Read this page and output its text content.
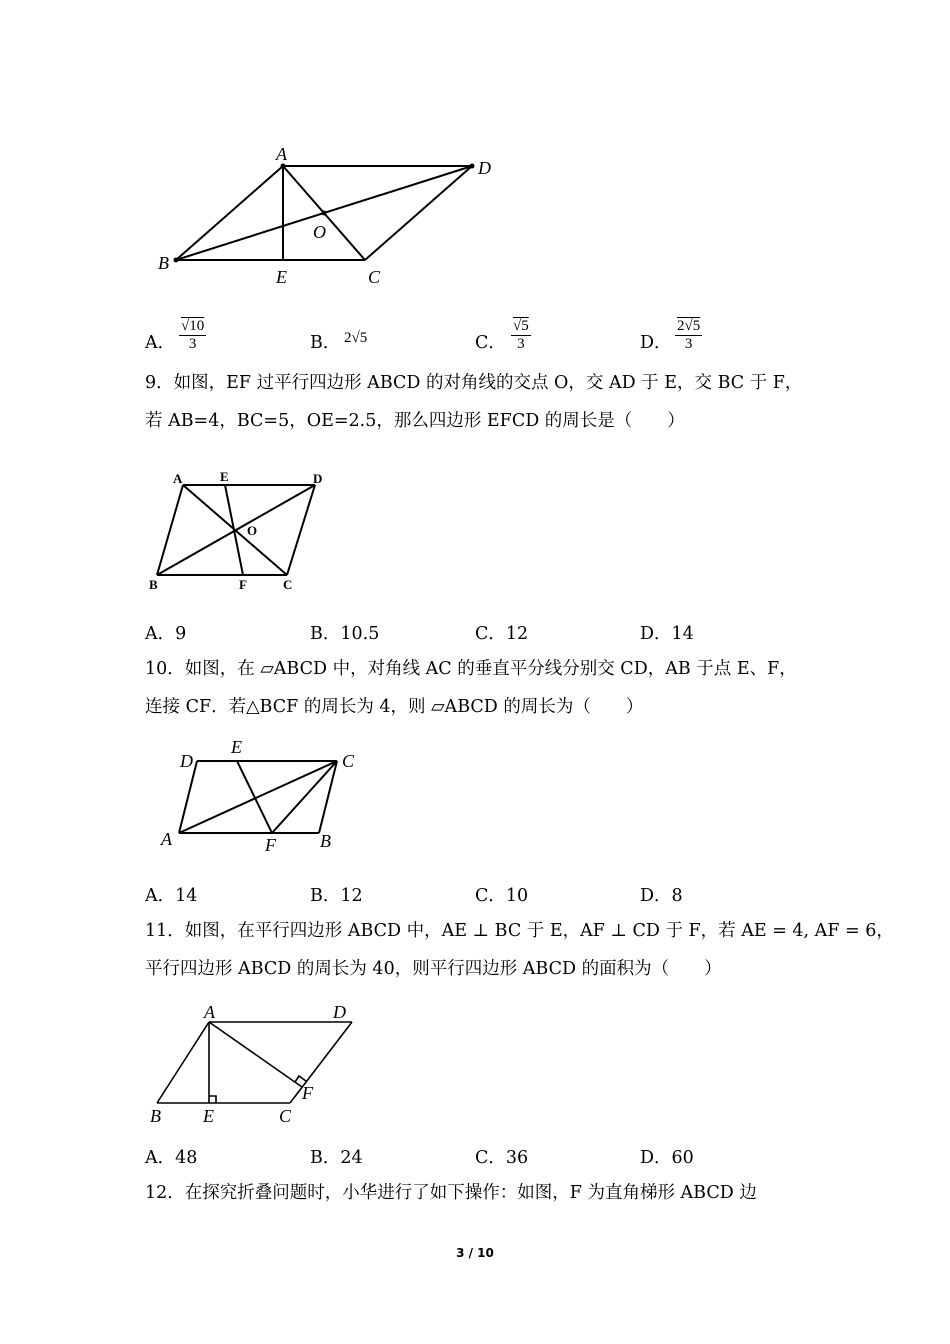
A
D
O
B
E	C
A． $\frac{√10}{3}$	B． 2√5	C． $\frac{√5}{3}$	D． $\frac{2√5}{3}$
9．如图，EF 过平行四边形 ABCD 的对角线的交点 O，交 AD 于 E，交 BC 于 F，
若 AB=4，BC=5，OE=2.5，那么四边形 EFCD 的周长是（　　）
A	E	D
O
B	F	C
A．9	B．10.5	C．12	D．14
10．如图，在 ▱ABCD 中，对角线 AC 的垂直平分线分别交 CD，AB 于点 E、F，
连接 CF．若△BCF 的周长为 4，则 ▱ABCD 的周长为（　　）
D
E
C
A	F B
A．14	B．12	C．10	D．8
11．如图，在平行四边形 ABCD 中，AE ⊥ BC 于 E，AF ⊥ CD 于 F，若 AE = 4, AF = 6，
平行四边形 ABCD 的周长为 40，则平行四边形 ABCD 的面积为（　　）
A	D
F
B E	C
A．48	B．24	C．36	D．60
12．在探究折叠问题时，小华进行了如下操作：如图，F 为直角梯形 ABCD 边
3 / 10
